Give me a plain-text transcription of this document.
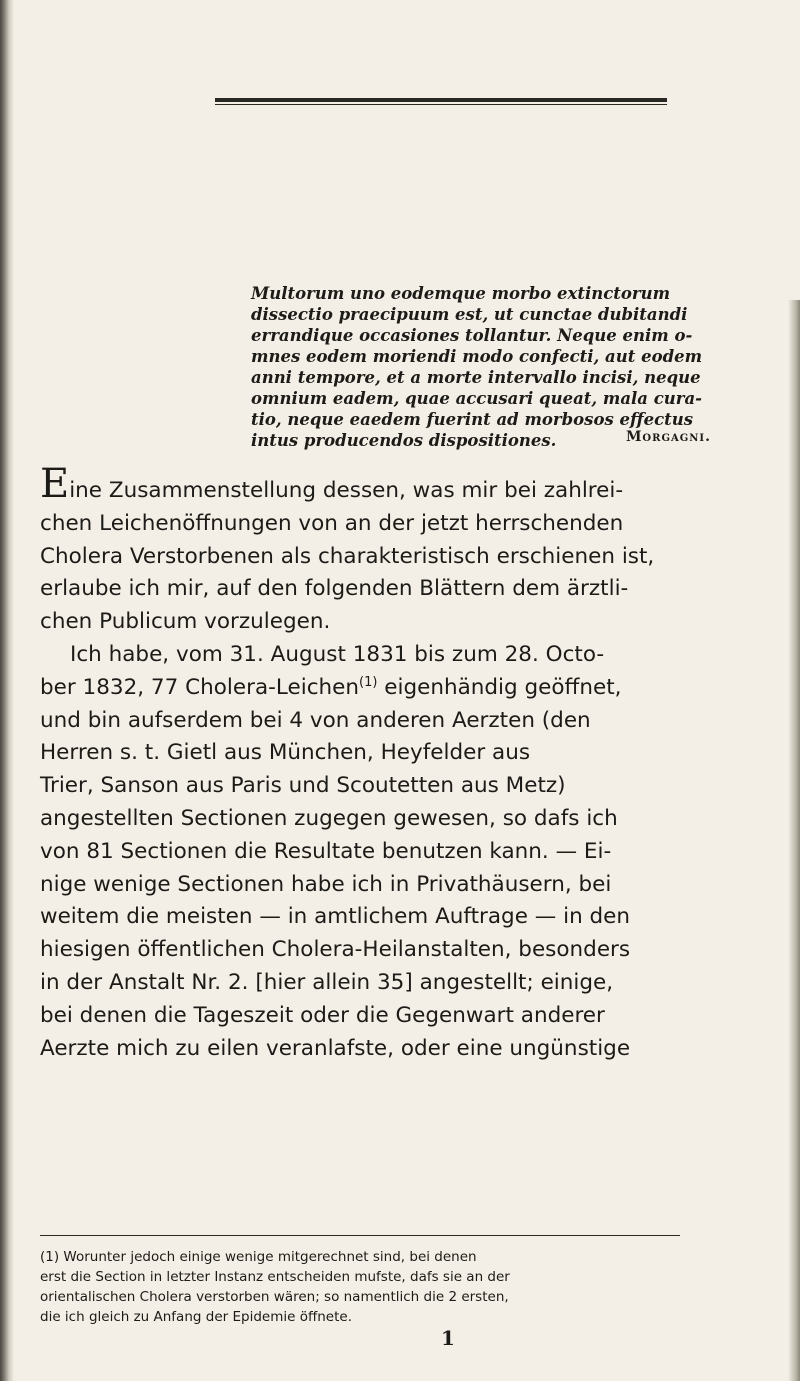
Multorum uno eodemque morbo extinctorum
dissectio praecipuum est, ut cunctae dubitandi
errandique occasiones tollantur. Neque enim o-
mnes eodem moriendi modo confecti, aut eodem
anni tempore, et a morte intervallo incisi, neque
omnium eadem, quae accusari queat, mala cura-
tio, neque eaedem fuerint ad morbosos effectus
intus producendos dispositiones.	Morgagni.
Eine Zusammenstellung dessen, was mir bei zahlrei-
chen Leichenöffnungen von an der jetzt herrschenden
Cholera Verstorbenen als charakteristisch erschienen ist,
erlaube ich mir, auf den folgenden Blättern dem ärztli-
chen Publicum vorzulegen.
Ich habe, vom 31. August 1831 bis zum 28. Octo-
ber 1832, 77 Cholera-Leichen$^{(1)}$ eigenhändig geöffnet,
und bin aufserdem bei 4 von anderen Aerzten (den
Herren s. t. Gietl aus München, Heyfelder aus
Trier, Sanson aus Paris und Scoutetten aus Metz)
angestellten Sectionen zugegen gewesen, so dafs ich
von 81 Sectionen die Resultate benutzen kann. — Ei-
nige wenige Sectionen habe ich in Privathäusern, bei
weitem die meisten — in amtlichem Auftrage — in den
hiesigen öffentlichen Cholera-Heilanstalten, besonders
in der Anstalt Nr. 2. [hier allein 35] angestellt; einige,
bei denen die Tageszeit oder die Gegenwart anderer
Aerzte mich zu eilen veranlafste, oder eine ungünstige
(1) Worunter jedoch einige wenige mitgerechnet sind, bei denen
erst die Section in letzter Instanz entscheiden mufste, dafs sie an der
orientalischen Cholera verstorben wären; so namentlich die 2 ersten,
die ich gleich zu Anfang der Epidemie öffnete.
1
